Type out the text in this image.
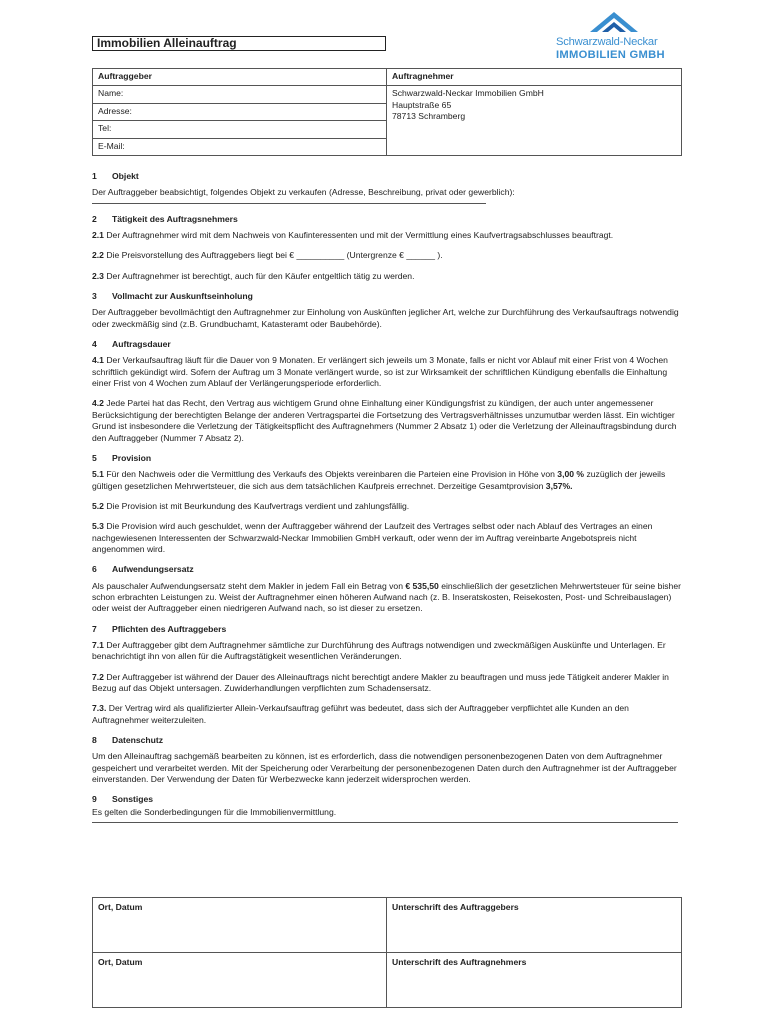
Schwarzwald-Neckar
IMMOBILIEN GMBH
Immobilien Alleinauftrag
Auftraggeber	Auftragnehmer
Name:	Schwarzwald-Neckar Immobilien GmbH
Hauptstraße 65
78713 Schramberg

Adresse:	
Tel:	
E-Mail:	
1 Objekt
Der Auftraggeber beabsichtigt, folgendes Objekt zu verkaufen (Adresse, Beschreibung, privat oder gewerblich):
2 Tätigkeit des Auftragsnehmers
2.1 Der Auftragnehmer wird mit dem Nachweis von Kaufinteressenten und mit der Vermittlung eines Kaufvertragsabschlusses beauftragt.
2.2 Die Preisvorstellung des Auftraggebers liegt bei € __________ (Untergrenze € ______ ).
2.3 Der Auftragnehmer ist berechtigt, auch für den Käufer entgeltlich tätig zu werden.
3 Vollmacht zur Auskunftseinholung
Der Auftraggeber bevollmächtigt den Auftragnehmer zur Einholung von Auskünften jeglicher Art, welche zur Durchführung des Verkaufsauftrags notwendig oder zweckmäßig sind (z.B. Grundbuchamt, Katasteramt oder Baubehörde).
4 Auftragsdauer
4.1 Der Verkaufsauftrag läuft für die Dauer von 9 Monaten. Er verlängert sich jeweils um 3 Monate, falls er nicht vor Ablauf mit einer Frist von 4 Wochen schriftlich gekündigt wird. Sofern der Auftrag um 3 Monate verlängert wurde, so ist zur Wirksamkeit der schriftlichen Kündigung ebenfalls die Einhaltung einer Frist von 4 Wochen zum Ablauf der Verlängerungsperiode erforderlich.
4.2 Jede Partei hat das Recht, den Vertrag aus wichtigem Grund ohne Einhaltung einer Kündigungsfrist zu kündigen, der auch unter angemessener Berücksichtigung der berechtigten Belange der anderen Vertragspartei die Fortsetzung des Vertragsverhältnisses unzumutbar werden lässt. Ein wichtiger Grund ist insbesondere die Verletzung der Tätigkeitspflicht des Auftragnehmers (Nummer 2 Absatz 1) oder die Verletzung der Alleinauftragsbindung durch den Auftraggeber (Nummer 7 Absatz 2).
5 Provision
5.1 Für den Nachweis oder die Vermittlung des Verkaufs des Objekts vereinbaren die Parteien eine Provision in Höhe von 3,00 % zuzüglich der jeweils gültigen gesetzlichen Mehrwertsteuer, die sich aus dem tatsächlichen Kaufpreis errechnet. Derzeitige Gesamtprovision 3,57%.
5.2 Die Provision ist mit Beurkundung des Kaufvertrags verdient und zahlungsfällig.
5.3 Die Provision wird auch geschuldet, wenn der Auftraggeber während der Laufzeit des Vertrages selbst oder nach Ablauf des Vertrages an einen nachgewiesenen Interessenten der Schwarzwald-Neckar Immobilien GmbH verkauft, oder wenn der im Auftrag vereinbarte Angebotspreis nicht angenommen wird.
6 Aufwendungsersatz
Als pauschaler Aufwendungsersatz steht dem Makler in jedem Fall ein Betrag von € 535,50 einschließlich der gesetzlichen Mehrwertsteuer für seine bisher schon erbrachten Leistungen zu. Weist der Auftragnehmer einen höheren Aufwand nach (z. B. Inseratskosten, Reisekosten, Post- und Schreibauslagen) oder weist der Auftraggeber einen niedrigeren Aufwand nach, so ist dieser zu ersetzen.
7 Pflichten des Auftraggebers
7.1 Der Auftraggeber gibt dem Auftragnehmer sämtliche zur Durchführung des Auftrags notwendigen und zweckmäßigen Auskünfte und Unterlagen. Er benachrichtigt ihn von allen für die Auftragstätigkeit wesentlichen Veränderungen.
7.2 Der Auftraggeber ist während der Dauer des Alleinauftrags nicht berechtigt andere Makler zu beauftragen und muss jede Tätigkeit anderer Makler in Bezug auf das Objekt untersagen. Zuwiderhandlungen verpflichten zum Schadensersatz.
7.3. Der Vertrag wird als qualifizierter Allein-Verkaufsauftrag geführt was bedeutet, dass sich der Auftraggeber verpflichtet alle Kunden an den Auftragnehmer weiterzuleiten.
8 Datenschutz
Um den Alleinauftrag sachgemäß bearbeiten zu können, ist es erforderlich, dass die notwendigen personenbezogenen Daten von dem Auftragnehmer gespeichert und verarbeitet werden. Mit der Speicherung oder Verarbeitung der personenbezogenen Daten durch den Auftragnehmer ist der Auftraggeber einverstanden. Der Verwendung der Daten für Werbezwecke kann jederzeit widersprochen werden.
9 Sonstiges
Es gelten die Sonderbedingungen für die Immobilienvermittlung.
Ort, Datum	Unterschrift des Auftraggebers
Ort, Datum	Unterschrift des Auftragnehmers
